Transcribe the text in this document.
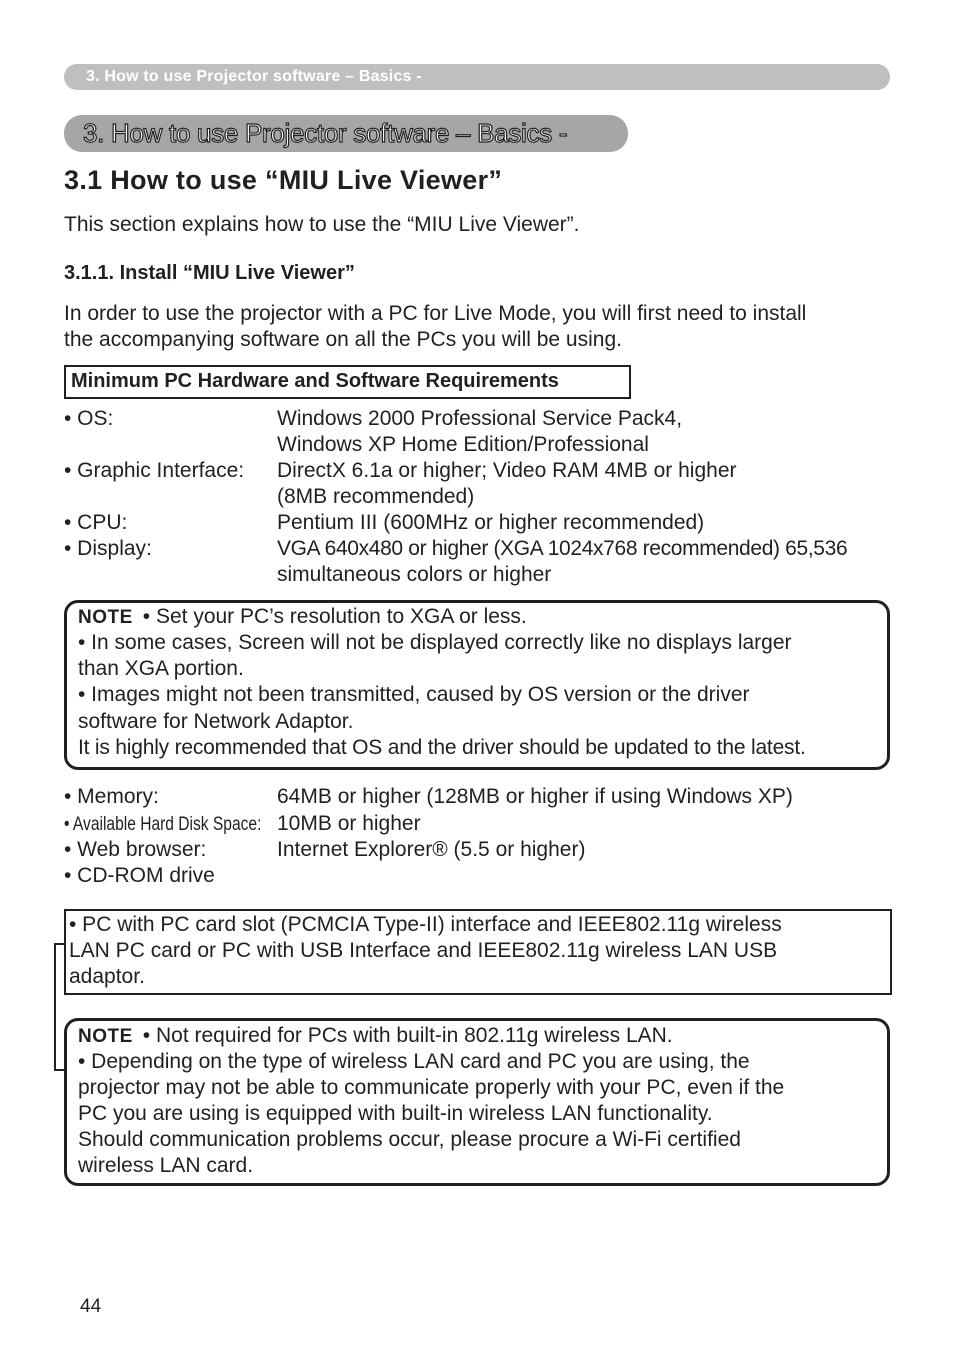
3. How to use Projector software – Basics -
3. How to use Projector software – Basics -
3.1 How to use “MIU Live Viewer”
This section explains how to use the “MIU Live Viewer”.
3.1.1. Install “MIU Live Viewer”
In order to use the projector with a PC for Live Mode, you will first need to install
the accompanying software on all the PCs you will be using.
Minimum PC Hardware and Software Requirements
• OS:	Windows 2000 Professional Service Pack4,
Windows XP Home Edition/Professional
• Graphic Interface: DirectX 6.1a or higher; Video RAM 4MB or higher
(8MB recommended)
• CPU:	Pentium III (600MHz or higher recommended)
• Display:	VGA 640x480 or higher (XGA 1024x768 recommended) 65,536
simultaneous colors or higher
NOTE • Set your PC’s resolution to XGA or less.
• In some cases, Screen will not be displayed correctly like no displays larger
than XGA portion.
• Images might not been transmitted, caused by OS version or the driver
software for Network Adaptor.
It is highly recommended that OS and the driver should be updated to the latest.
• Memory:	64MB or higher (128MB or higher if using Windows XP)
• Available Hard Disk Space: 10MB or higher
• Web browser:	Internet Explorer® (5.5 or higher)
• CD-ROM drive
• PC with PC card slot (PCMCIA Type-II) interface and IEEE802.11g wireless
LAN PC card or PC with USB Interface and IEEE802.11g wireless LAN USB
adaptor.
NOTE • Not required for PCs with built-in 802.11g wireless LAN.
• Depending on the type of wireless LAN card and PC you are using, the
projector may not be able to communicate properly with your PC, even if the
PC you are using is equipped with built-in wireless LAN functionality.
Should communication problems occur, please procure a Wi-Fi certified
wireless LAN card.
44
